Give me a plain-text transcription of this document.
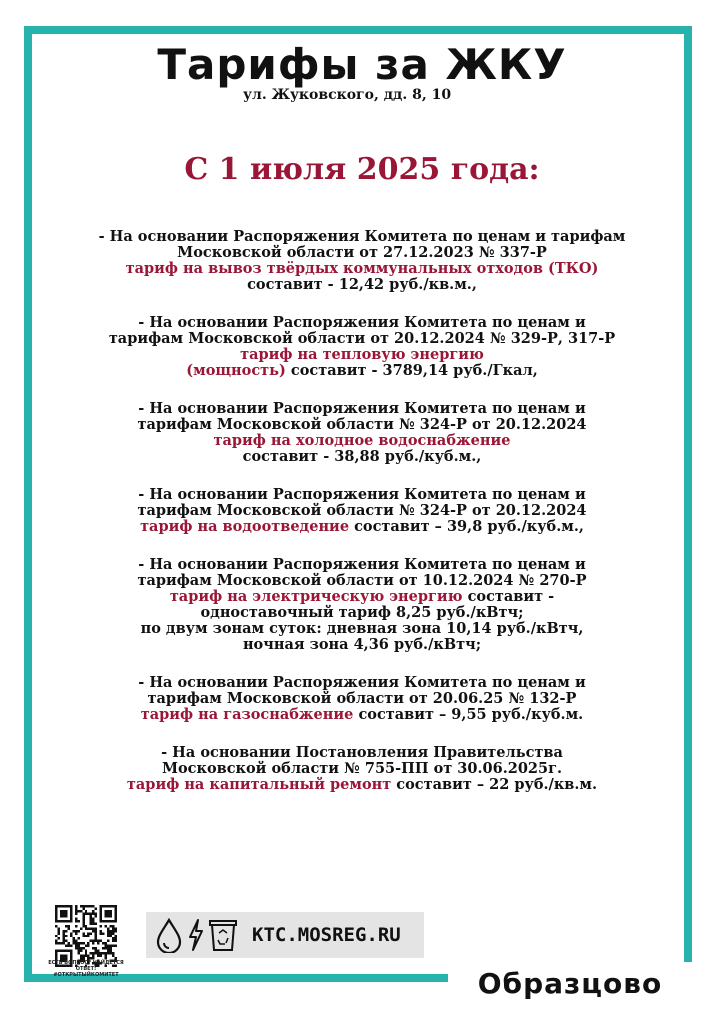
Тарифы за ЖКУ
ул. Жуковского, дд. 8, 10
С 1 июля 2025 года:

- На основании Распоряжения Комитета по ценам и тарифам

Московской области от 27.12.2023 № 337-Р

тариф на вывоз твёрдых коммунальных отходов (ТКО)

составит - 12,42 руб./кв.м.,

- На основании Распоряжения Комитета по ценам и

тарифам Московской области от 20.12.2024 № 329-Р, 317-Р

тариф на тепловую энергию

(мощность) составит - 3789,14 руб./Гкал,

- На основании Распоряжения Комитета по ценам и

тарифам Московской области № 324-Р от 20.12.2024

тариф на холодное водоснабжение

составит - 38,88 руб./куб.м.,

- На основании Распоряжения Комитета по ценам и

тарифам Московской области № 324-Р от 20.12.2024

тариф на водоотведение составит – 39,8 руб./куб.м.,

- На основании Распоряжения Комитета по ценам и

тарифам Московской области от 10.12.2024 № 270-Р

тариф на электрическую энергию составит -

одноставочный тариф 8,25 руб./кВтч;

по двум зонам суток: дневная зона 10,14 руб./кВтч,

ночная зона 4,36 руб./кВтч;

- На основании Распоряжения Комитета по ценам и

тарифам Московской области от 20.06.25 № 132-Р

тариф на газоснабжение составит – 9,55 руб./куб.м.

- На основании Постановления Правительства

Московской области № 755-ПП от 30.06.2025г.

тариф на капитальный ремонт составит – 22 руб./кв.м.

ЕСТЬ ВОПРОС? НАЙДЕТСЯ ОТВЕТ!
#ОТКРЫТЫЙКОМИТЕТ
KTC.MOSREG.RU
Образцово
